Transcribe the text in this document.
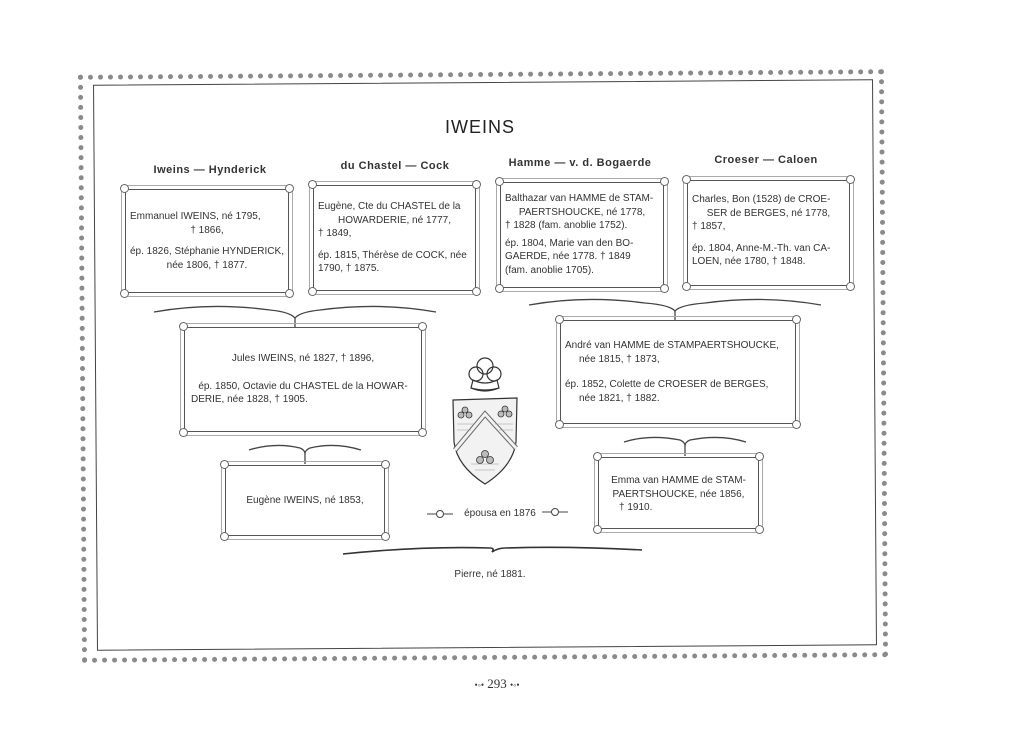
IWEINS
Iweins — Hynderick	du Chastel — Cock	Hamme — v. d. Bogaerde	Croeser — Caloen

Emmanuel IWEINS, né 1795,

† 1866,

ép. 1826, Stéphanie HYNDERICK,

née 1806, † 1877.

Eugène, Cte du CHASTEL de la

HOWARDERIE, né 1777,

† 1849,

ép. 1815, Thérèse de COCK, née

1790, † 1875.

Balthazar van HAMME de STAM-

PAERTSHOUCKE, né 1778,

† 1828 (fam. anoblie 1752).

ép. 1804, Marie van den BO-

GAERDE, née 1778. † 1849

(fam. anoblie 1705).

Charles, Bon (1528) de CROE-

SER de BERGES, né 1778,

† 1857,

ép. 1804, Anne-M.-Th. van CA-

LOEN, née 1780, † 1848.

Jules IWEINS, né 1827, † 1896,

ép. 1850, Octavie du CHASTEL de la HOWAR-

DERIE, née 1828, † 1905.

André van HAMME de STAMPAERTSHOUCKE,

née 1815, † 1873,

ép. 1852, Colette de CROESER de BERGES,

née 1821, † 1882.

Eugène IWEINS, né 1853,

Emma van HAMME de STAM-

PAERTSHOUCKE, née 1856,

† 1910.

épousa en 1876
Pierre, né 1881.
•◦• 293 •◦•
